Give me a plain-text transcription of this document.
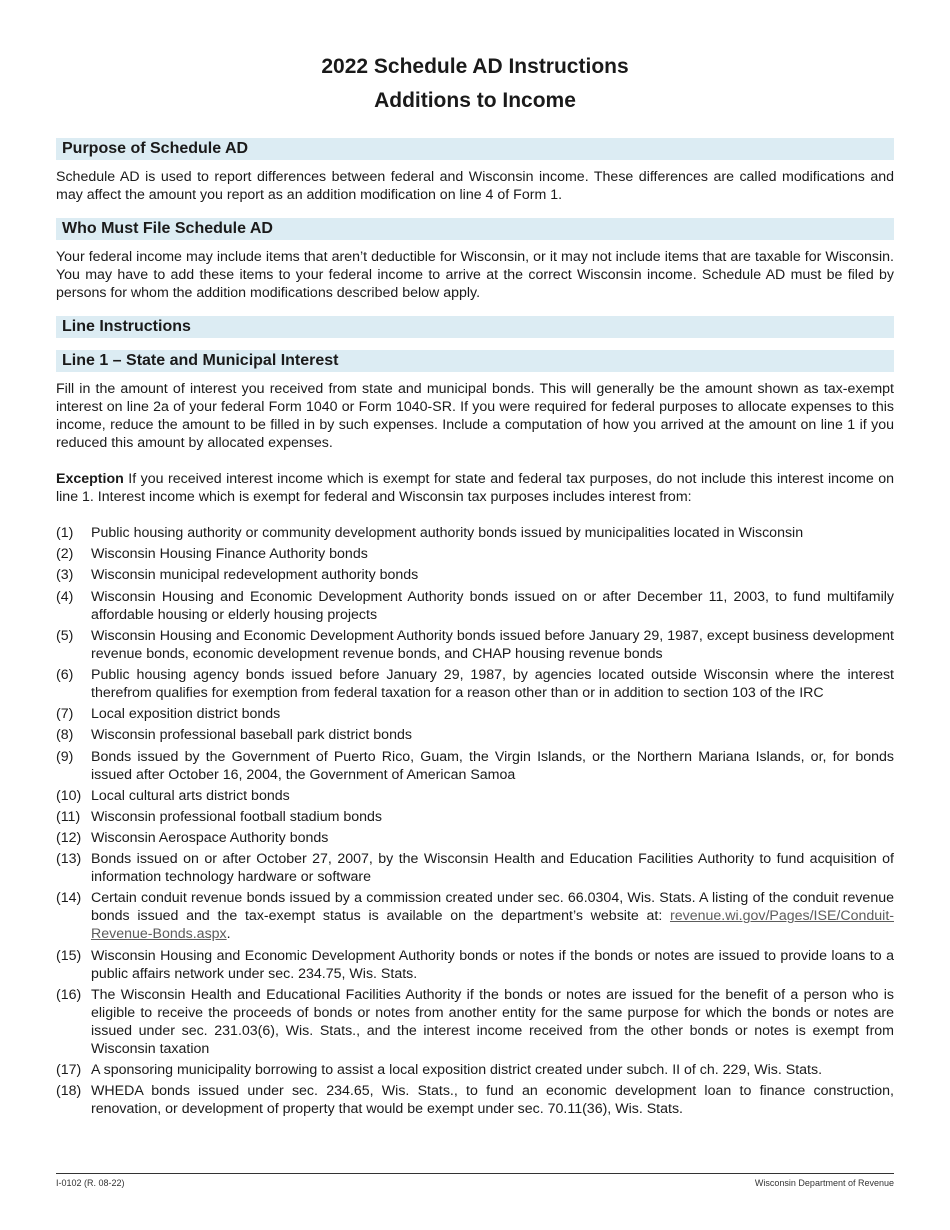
2022 Schedule AD Instructions
Additions to Income
Purpose of Schedule AD

Schedule AD is used to report differences between federal and Wisconsin income. These differences are called modifications and may affect the amount you report as an addition modification on line 4 of Form 1.

Who Must File Schedule AD

Your federal income may include items that aren’t deductible for Wisconsin, or it may not include items that are taxable for Wisconsin. You may have to add these items to your federal income to arrive at the correct Wisconsin income. Schedule AD must be filed by persons for whom the addition modifications described below apply.

Line Instructions
Line 1 – State and Municipal Interest

Fill in the amount of interest you received from state and municipal bonds. This will generally be the amount shown as tax-exempt interest on line 2a of your federal Form 1040 or Form 1040-SR. If you were required for federal purposes to allocate expenses to this income, reduce the amount to be filled in by such expenses. Include a computation of how you arrived at the amount on line 1 if you reduced this amount by allocated expenses.

Exception If you received interest income which is exempt for state and federal tax purposes, do not include this interest income on line 1. Interest income which is exempt for federal and Wisconsin tax purposes includes interest from:

(1)	Public housing authority or community development authority bonds issued by municipalities located in Wisconsin
(2)	Wisconsin Housing Finance Authority bonds
(3)	Wisconsin municipal redevelopment authority bonds
(4)	Wisconsin Housing and Economic Development Authority bonds issued on or after December 11, 2003, to fund multifamily affordable housing or elderly housing projects
(5)	Wisconsin Housing and Economic Development Authority bonds issued before January 29, 1987, except business development revenue bonds, economic development revenue bonds, and CHAP housing revenue bonds
(6)	Public housing agency bonds issued before January 29, 1987, by agencies located outside Wisconsin where the interest therefrom qualifies for exemption from federal taxation for a reason other than or in addition to section 103 of the IRC
(7)	Local exposition district bonds
(8)	Wisconsin professional baseball park district bonds
(9)	Bonds issued by the Government of Puerto Rico, Guam, the Virgin Islands, or the Northern Mariana Islands, or, for bonds issued after October 16, 2004, the Government of American Samoa
(10) Local cultural arts district bonds
(11) Wisconsin professional football stadium bonds
(12) Wisconsin Aerospace Authority bonds
(13) Bonds issued on or after October 27, 2007, by the Wisconsin Health and Education Facilities Authority to fund acquisition of information technology hardware or software
(14) Certain conduit revenue bonds issued by a commission created under sec. 66.0304, Wis. Stats. A listing of the conduit revenue bonds issued and the tax-exempt status is available on the department’s website at: revenue.wi.gov/Pages/ISE/Conduit-Revenue-Bonds.aspx.
(15) Wisconsin Housing and Economic Development Authority bonds or notes if the bonds or notes are issued to provide loans to a public affairs network under sec. 234.75, Wis. Stats.
(16) The Wisconsin Health and Educational Facilities Authority if the bonds or notes are issued for the benefit of a person who is eligible to receive the proceeds of bonds or notes from another entity for the same purpose for which the bonds or notes are issued under sec. 231.03(6), Wis. Stats., and the interest income received from the other bonds or notes is exempt from Wisconsin taxation
(17) A sponsoring municipality borrowing to assist a local exposition district created under subch. II of ch. 229, Wis. Stats.
(18) WHEDA bonds issued under sec. 234.65, Wis. Stats., to fund an economic development loan to finance construction, renovation, or development of property that would be exempt under sec. 70.11(36), Wis. Stats.
I-0102 (R. 08-22)	Wisconsin Department of Revenue
